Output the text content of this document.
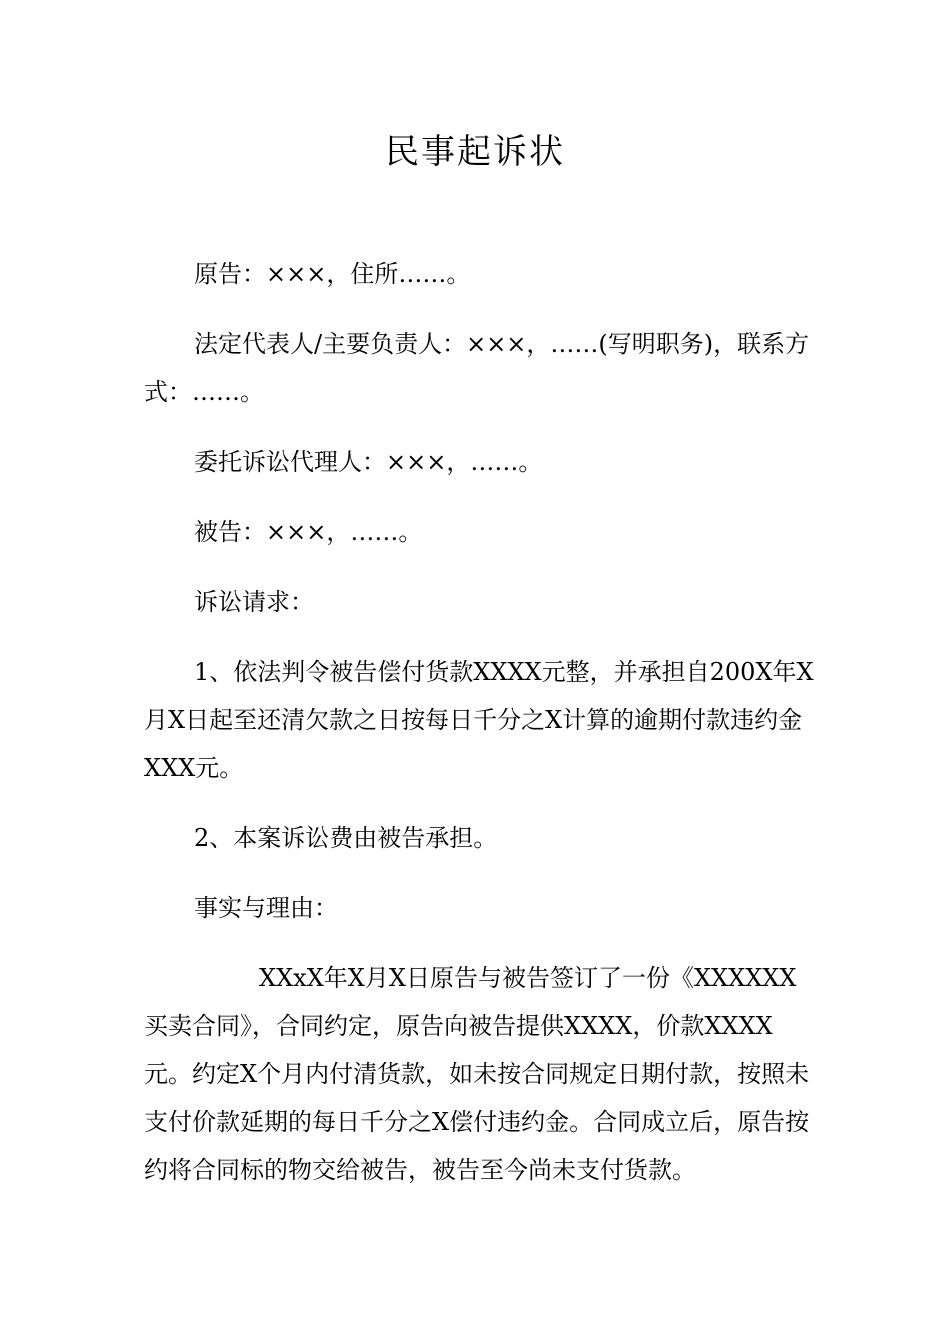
民事起诉状

原告：×××，住所……。

法定代表人/主要负责人：×××，……(写明职务)，联系方式：……。

委托诉讼代理人：×××，……。

被告：×××，……。

诉讼请求：

1、依法判令被告偿付货款XXXX元整，并承担自200X年X月X日起至还清欠款之日按每日千分之X计算的逾期付款违约金XXX元。

2、本案诉讼费由被告承担。

事实与理由：

XXxX年X月X日原告与被告签订了一份《XXXXXX买卖合同》，合同约定，原告向被告提供XXXX，价款XXXX元。约定X个月内付清货款，如未按合同规定日期付款，按照未支付价款延期的每日千分之X偿付违约金。合同成立后，原告按约将合同标的物交给被告，被告至今尚未支付货款。
